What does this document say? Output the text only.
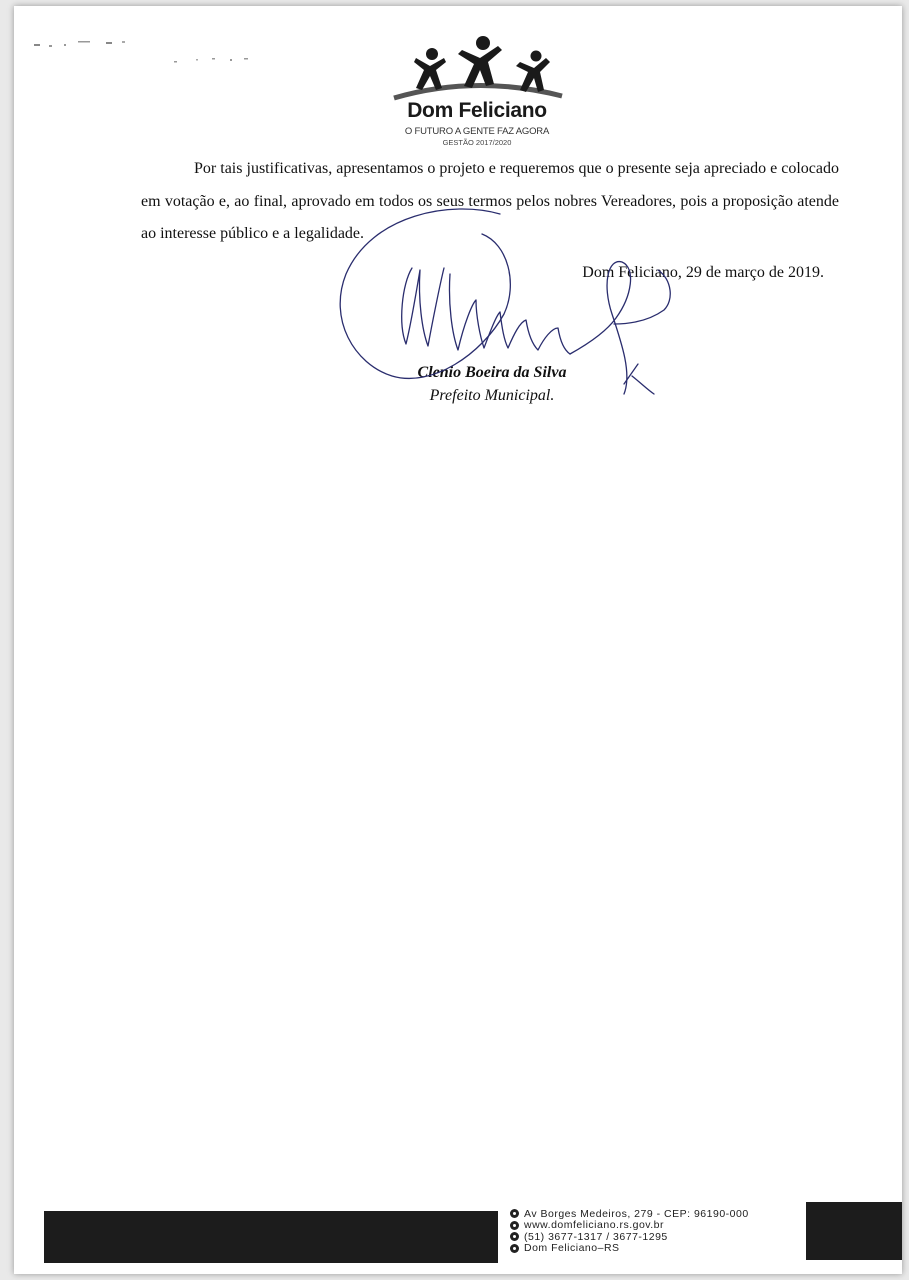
Dom Feliciano
O FUTURO A GENTE FAZ AGORA
GESTÃO 2017/2020

Por tais justificativas, apresentamos o projeto e requeremos que o presente seja apreciado e colocado em votação e, ao final, aprovado em todos os seus termos pelos nobres Vereadores, pois a proposição atende ao interesse público e a legalidade.

Dom Feliciano, 29 de março de 2019.
Clenio Boeira da Silva
Prefeito Municipal.
Av Borges Medeiros, 279 - CEP: 96190-000
www.domfeliciano.rs.gov.br
(51) 3677-1317 / 3677-1295
Dom Feliciano–RS
